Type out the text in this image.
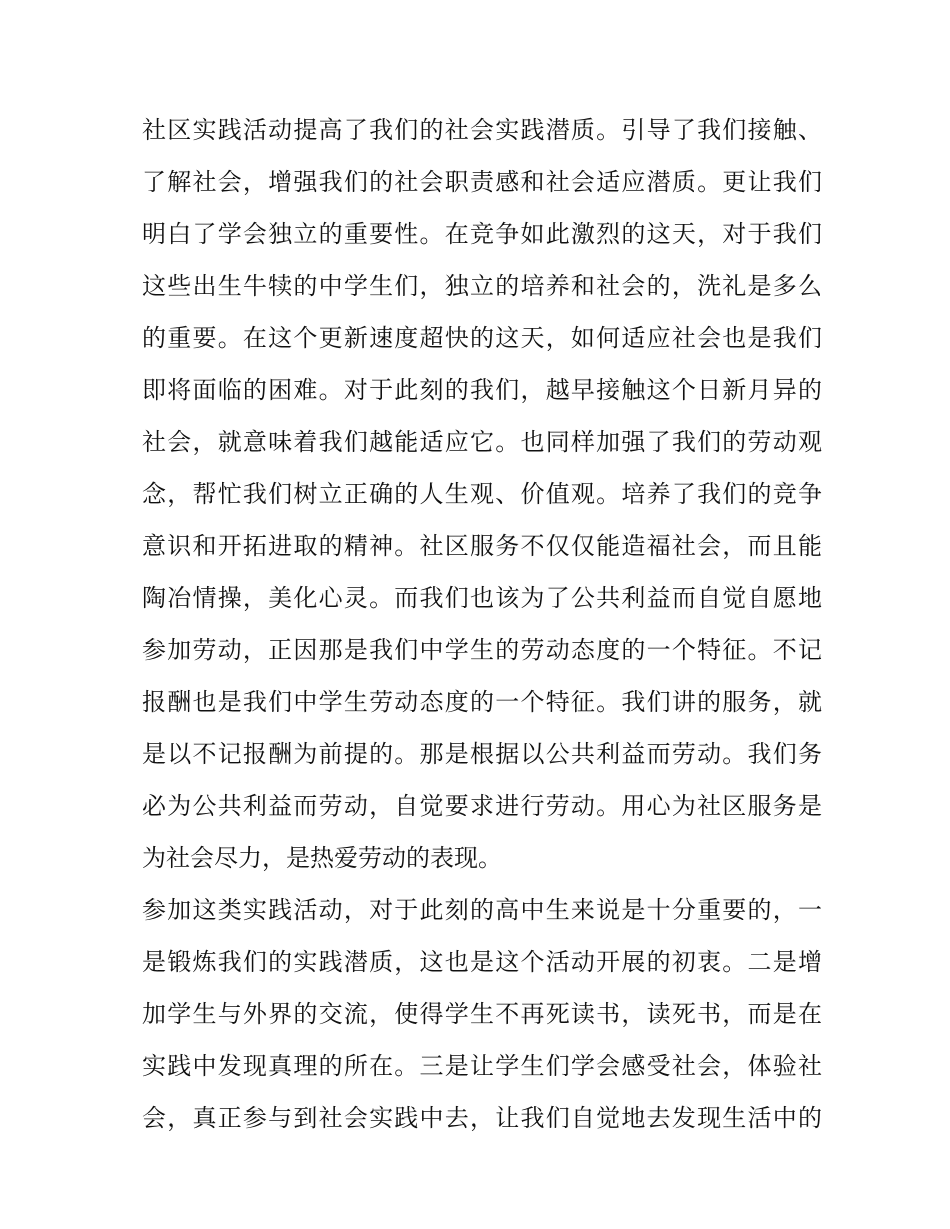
社区实践活动提高了我们的社会实践潜质。引导了我们接触、
了解社会，增强我们的社会职责感和社会适应潜质。更让我们
明白了学会独立的重要性。在竞争如此激烈的这天，对于我们
这些出生牛犊的中学生们，独立的培养和社会的，洗礼是多么
的重要。在这个更新速度超快的这天，如何适应社会也是我们
即将面临的困难。对于此刻的我们，越早接触这个日新月异的
社会，就意味着我们越能适应它。也同样加强了我们的劳动观
念，帮忙我们树立正确的人生观、价值观。培养了我们的竞争
意识和开拓进取的精神。社区服务不仅仅能造福社会，而且能
陶冶情操，美化心灵。而我们也该为了公共利益而自觉自愿地
参加劳动，正因那是我们中学生的劳动态度的一个特征。不记
报酬也是我们中学生劳动态度的一个特征。我们讲的服务，就
是以不记报酬为前提的。那是根据以公共利益而劳动。我们务
必为公共利益而劳动，自觉要求进行劳动。用心为社区服务是
为社会尽力，是热爱劳动的表现。
参加这类实践活动，对于此刻的高中生来说是十分重要的，一
是锻炼我们的实践潜质，这也是这个活动开展的初衷。二是增
加学生与外界的交流，使得学生不再死读书，读死书，而是在
实践中发现真理的所在。三是让学生们学会感受社会，体验社
会，真正参与到社会实践中去，让我们自觉地去发现生活中的
